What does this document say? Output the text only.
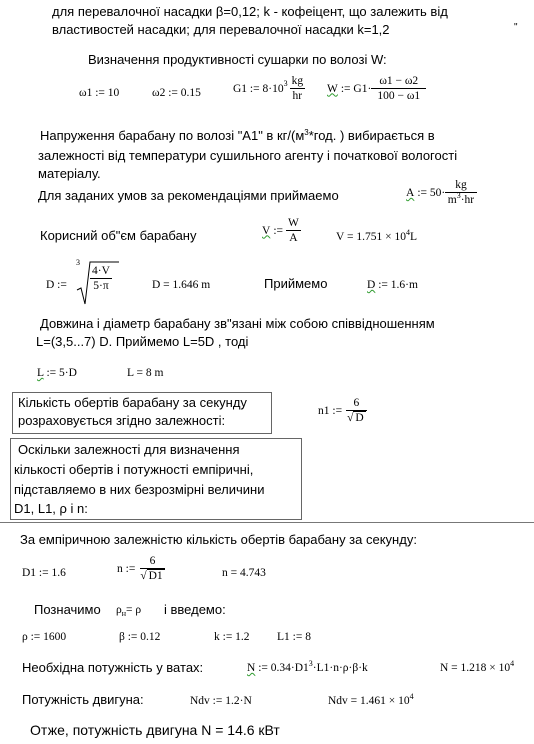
для перевалочної насадки β=0,12; k - кофеіцент, що залежить від
властивостей насадки; для перевалочної насадки k=1,2	"
Визначення продуктивності сушарки по волозі W:
ω1 := 10	ω2 := 0.15	G1 := 8·10 $3 \frac{kg}{hr}$ W := $G1\cdot \frac{\omega 1 - \omega 2}{100 - \omega 1}$
Напруження барабану по волозі "А1" в $кг/(м^3*год$. ) вибирається в
залежності від температури сушильного агенту і початкової вологості
матеріалу.
Для заданих умов за рекомендаціями приймаемо	A := $50\cdot \frac{kg}{m^3\cdot hr}$
Корисний об"єм барабану	V := $\frac{W}{A}$	$V = 1.751 \times 10^4L$
D :=
3
$\frac{4\cdot V}{5\cdot\pi}$	D = 1.646 m	Приймемо	D := 1.6·m
Довжина і діаметр барабану зв"язані між собою співвідношенням
L=(3,5...7) D. Приймемо L=5D , тоді
L := 5·D	L = 8 m
Кількість обертів барабану за секунду
розраховується згідно залежності:
n1 := $\frac{6}{√ D}$
Оскільки залежності для визначення
кількості обертів і потужності емпіричні,
підставляемо в них безрозмірні величини
D1, L1, ρ і n:
За емпіричною залежністю кількість обертів барабану за секунду:
D1 := 1.6	n := $\frac{6}{√ D1}$	n = 4.743
Позначимо $\rho_н= \rho$ і введемо:
ρ := 1600	β := 0.12	k := 1.2 L1 := 8
Необхідна потужність у ватах:	N := $0.34\cdot D1^3\cdot L1\cdot n\cdot\rho\cdot\beta\cdot k$	$N = 1.218 \times 10^4$
Потужність двигуна:	Ndv := 1.2·N	Ndv = $1.461 \times 10^4$
Отже, потужність двигуна N = 14.6 кВт
